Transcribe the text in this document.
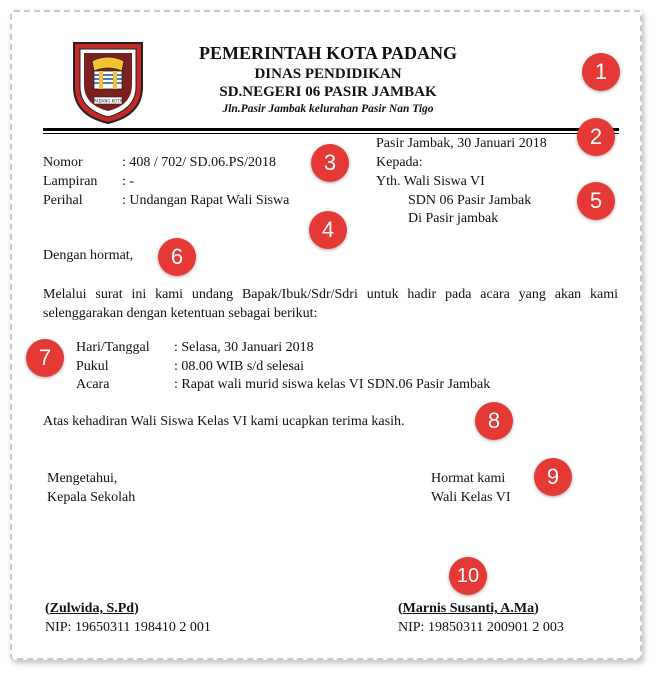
PADANG KOTA
PEMERINTAH KOTA PADANG
DINAS PENDIDIKAN
SD.NEGERI 06 PASIR JAMBAK
Jln.Pasir Jambak kelurahan Pasir Nan Tigo
Pasir Jambak, 30 Januari 2018
Nomor	: 408 / 702/ SD.06.PS/2018
Lampiran : -
Perihal	: Undangan Rapat Wali Siswa
Kepada:
Yth. Wali Siswa VI
SDN 06 Pasir Jambak
Di Pasir jambak
Dengan hormat,
Melalui surat ini kami undang Bapak/Ibuk/Sdr/Sdri untuk hadir pada acara yang akan kami selenggarakan dengan ketentuan sebagai berikut:
Hari/Tanggal : Selasa, 30 Januari 2018
Pukul	: 08.00 WIB s/d selesai
Acara	: Rapat wali murid siswa kelas VI SDN.06 Pasir Jambak
Atas kehadiran Wali Siswa Kelas VI kami ucapkan terima kasih.
Mengetahui,
Kepala Sekolah
(Zulwida, S.Pd)
NIP: 19650311 198410 2 001
Hormat kami
Wali Kelas VI
(Marnis Susanti, A.Ma)
NIP: 19850311 200901 2 003
1
2
3
4
5
6
7
8
9
10
